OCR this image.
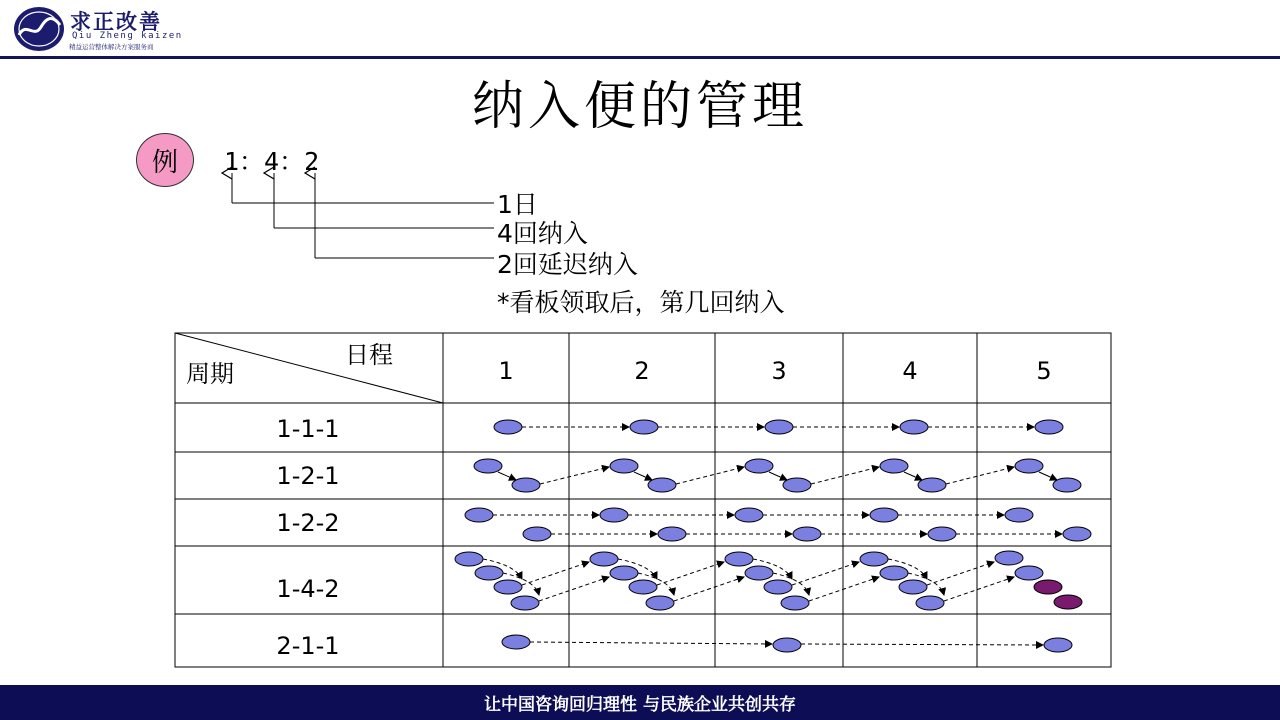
求正改善
Qiu Zheng kaizen
精益运营整体解决方案服务商
纳入便的管理
例	1：4：2
1日
4回纳入
2回延迟纳入
*看板领取后，第几回纳入
日程
周期	1	2	3	4	5
1-1-1
1-2-1
1-2-2
1-4-2
2-1-1
让中国咨询回归理性 与民族企业共创共存
